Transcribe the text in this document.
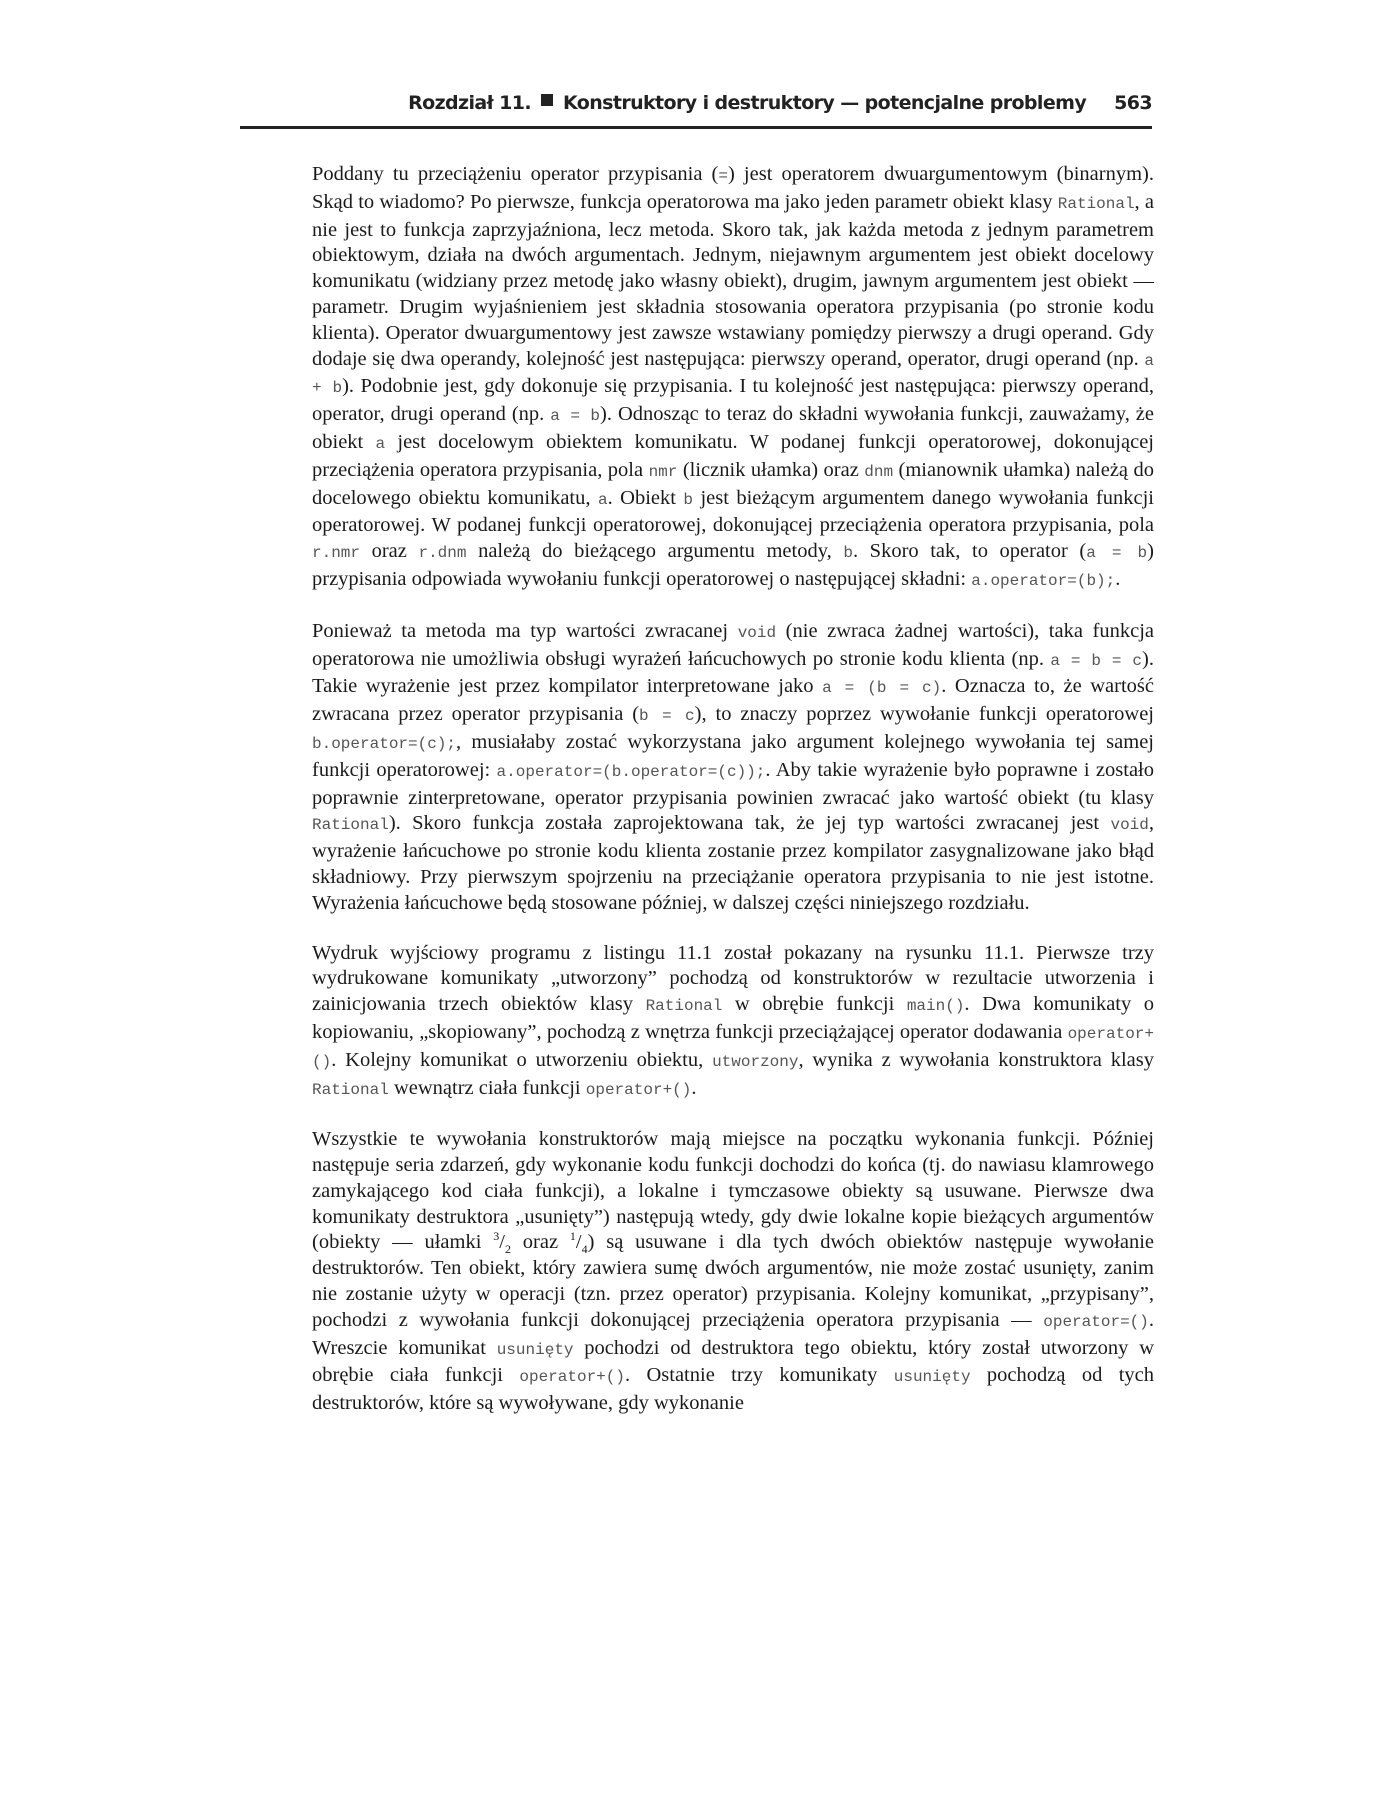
Rozdział 11. Konstruktory i destruktory — potencjalne problemy 563

Poddany tu przeciążeniu operator przypisania (=) jest operatorem dwuargumentowym (binarnym). Skąd to wiadomo? Po pierwsze, funkcja operatorowa ma jako jeden parametr obiekt klasy Rational, a nie jest to funkcja zaprzyjaźniona, lecz metoda. Skoro tak, jak każda metoda z jednym parametrem obiektowym, działa na dwóch argumentach. Jednym, niejawnym argumentem jest obiekt docelowy komunikatu (widziany przez metodę jako własny obiekt), drugim, jawnym argumentem jest obiekt — parametr. Drugim wyjaśnieniem jest składnia stosowania operatora przypisania (po stronie kodu klienta). Operator dwuargumentowy jest zawsze wstawiany pomiędzy pierwszy a drugi operand. Gdy dodaje się dwa operandy, kolejność jest następująca: pierwszy operand, operator, drugi operand (np. a + b). Podobnie jest, gdy dokonuje się przypisania. I tu kolejność jest następująca: pierwszy operand, operator, drugi operand (np. a = b). Odnosząc to teraz do składni wywołania funkcji, zauważamy, że obiekt a jest docelowym obiektem komunikatu. W podanej funkcji operatorowej, dokonującej przeciążenia operatora przypisania, pola nmr (licznik ułamka) oraz dnm (mianownik ułamka) należą do docelowego obiektu komunikatu, a. Obiekt b jest bieżącym argumentem danego wywołania funkcji operatorowej. W podanej funkcji operatorowej, dokonującej przeciążenia operatora przypisania, pola r.nmr oraz r.dnm należą do bieżącego argumentu metody, b. Skoro tak, to operator (a = b) przypisania odpowiada wywołaniu funkcji operatorowej o następującej składni: a.operator=(b);.

Ponieważ ta metoda ma typ wartości zwracanej void (nie zwraca żadnej wartości), taka funkcja operatorowa nie umożliwia obsługi wyrażeń łańcuchowych po stronie kodu klienta (np. a = b = c). Takie wyrażenie jest przez kompilator interpretowane jako a = (b = c). Oznacza to, że wartość zwracana przez operator przypisania (b = c), to znaczy poprzez wywołanie funkcji operatorowej b.operator=(c);, musiałaby zostać wykorzystana jako argument kolejnego wywołania tej samej funkcji operatorowej: a.operator=(b.operator=(c));. Aby takie wyrażenie było poprawne i zostało poprawnie zinterpretowane, operator przypisania powinien zwracać jako wartość obiekt (tu klasy Rational). Skoro funkcja została zaprojektowana tak, że jej typ wartości zwracanej jest void, wyrażenie łańcuchowe po stronie kodu klienta zostanie przez kompilator zasygnalizowane jako błąd składniowy. Przy pierwszym spojrzeniu na przeciążanie operatora przypisania to nie jest istotne. Wyrażenia łańcuchowe będą stosowane później, w dalszej części niniejszego rozdziału.

Wydruk wyjściowy programu z listingu 11.1 został pokazany na rysunku 11.1. Pierwsze trzy wydrukowane komunikaty „utworzony” pochodzą od konstruktorów w rezultacie utworzenia i zainicjowania trzech obiektów klasy Rational w obrębie funkcji main(). Dwa komunikaty o kopiowaniu, „skopiowany”, pochodzą z wnętrza funkcji przeciążającej operator dodawania operator+(). Kolejny komunikat o utworzeniu obiektu, utworzony, wynika z wywołania konstruktora klasy Rational wewnątrz ciała funkcji operator+().

Wszystkie te wywołania konstruktorów mają miejsce na początku wykonania funkcji. Później następuje seria zdarzeń, gdy wykonanie kodu funkcji dochodzi do końca (tj. do nawiasu klamrowego zamykającego kod ciała funkcji), a lokalne i tymczasowe obiekty są usuwane. Pierwsze dwa komunikaty destruktora „usunięty”) następują wtedy, gdy dwie lokalne kopie bieżących argumentów (obiekty — ułamki $^3/_2$ oraz $^1/_4$) są usuwane i dla tych dwóch obiektów następuje wywołanie destruktorów. Ten obiekt, który zawiera sumę dwóch argumentów, nie może zostać usunięty, zanim nie zostanie użyty w operacji (tzn. przez operator) przypisania. Kolejny komunikat, „przypisany”, pochodzi z wywołania funkcji dokonującej przeciążenia operatora przypisania — operator=(). Wreszcie komunikat usunięty pochodzi od destruktora tego obiektu, który został utworzony w obrębie ciała funkcji operator+(). Ostatnie trzy komunikaty usunięty pochodzą od tych destruktorów, które są wywoływane, gdy wykonanie
